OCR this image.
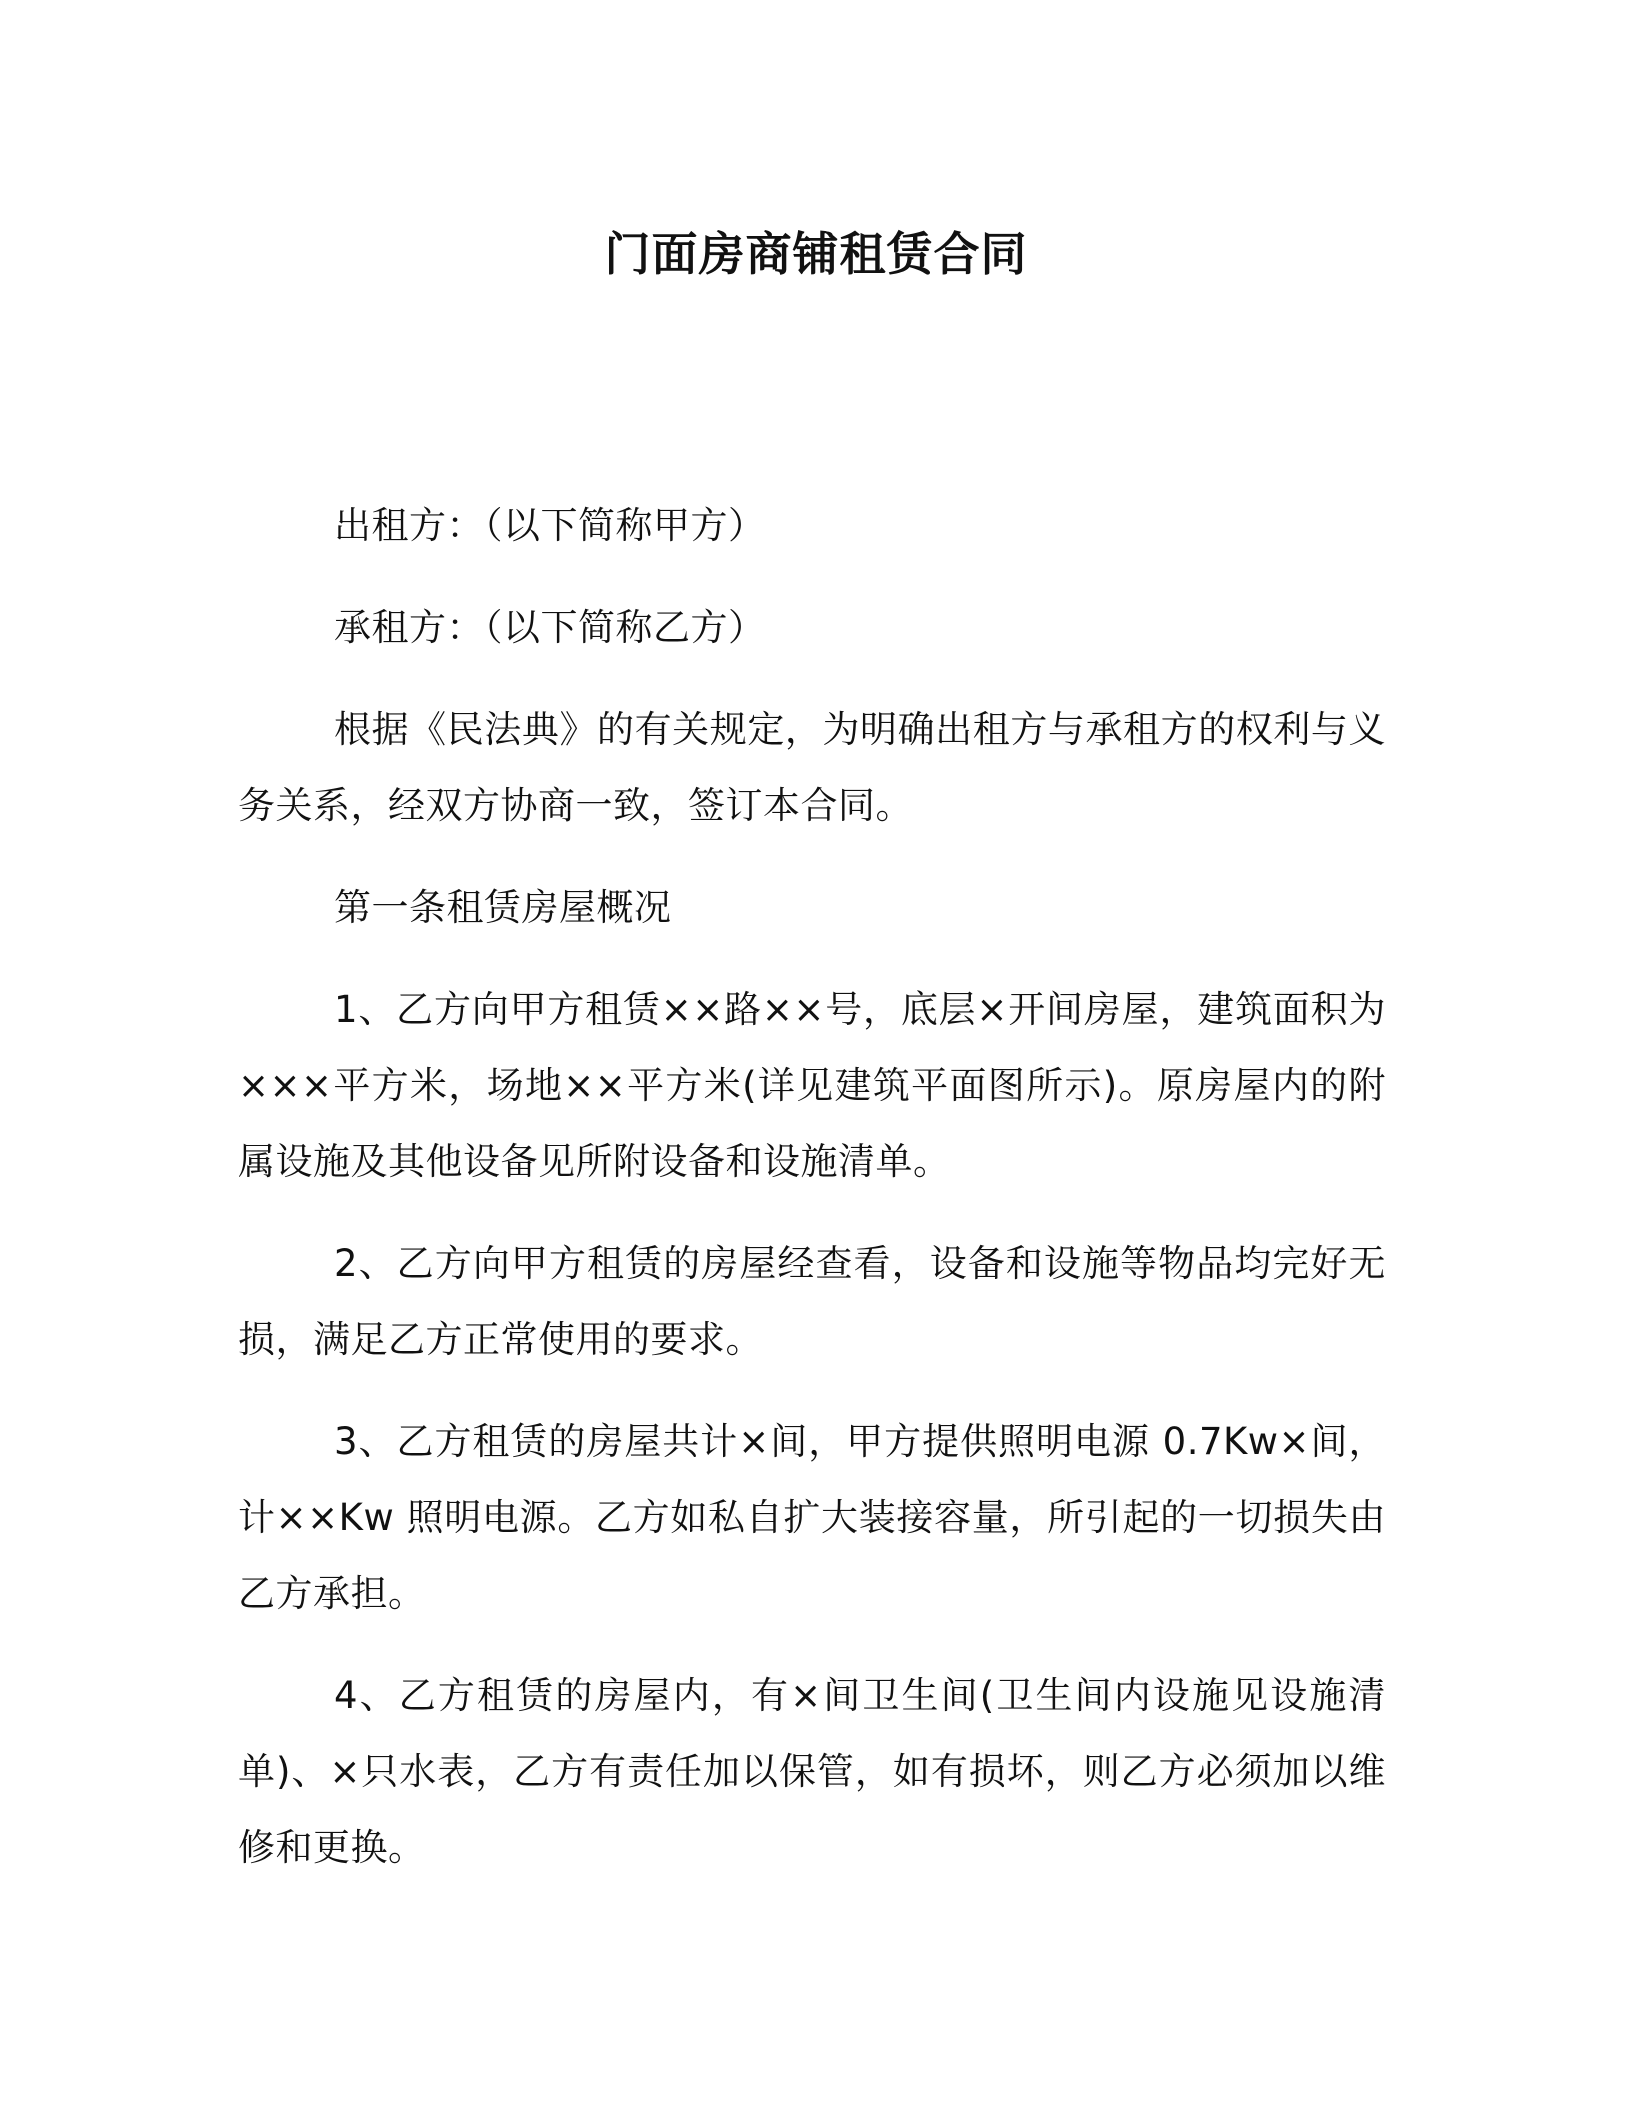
门面房商铺租赁合同

出租方：（以下简称甲方）

承租方：（以下简称乙方）

根据《民法典》的有关规定，为明确出租方与承租方的权利与义务关系，经双方协商一致，签订本合同。

第一条租赁房屋概况

1、乙方向甲方租赁××路××号，底层×开间房屋，建筑面积为×××平方米，场地××平方米(详见建筑平面图所示)。原房屋内的附属设施及其他设备见所附设备和设施清单。

2、乙方向甲方租赁的房屋经查看，设备和设施等物品均完好无损，满足乙方正常使用的要求。

3、乙方租赁的房屋共计×间，甲方提供照明电源 0.7Kw×间，计××Kw 照明电源。乙方如私自扩大装接容量，所引起的一切损失由乙方承担。

4、乙方租赁的房屋内，有×间卫生间(卫生间内设施见设施清单)、×只水表，乙方有责任加以保管，如有损坏，则乙方必须加以维修和更换。
